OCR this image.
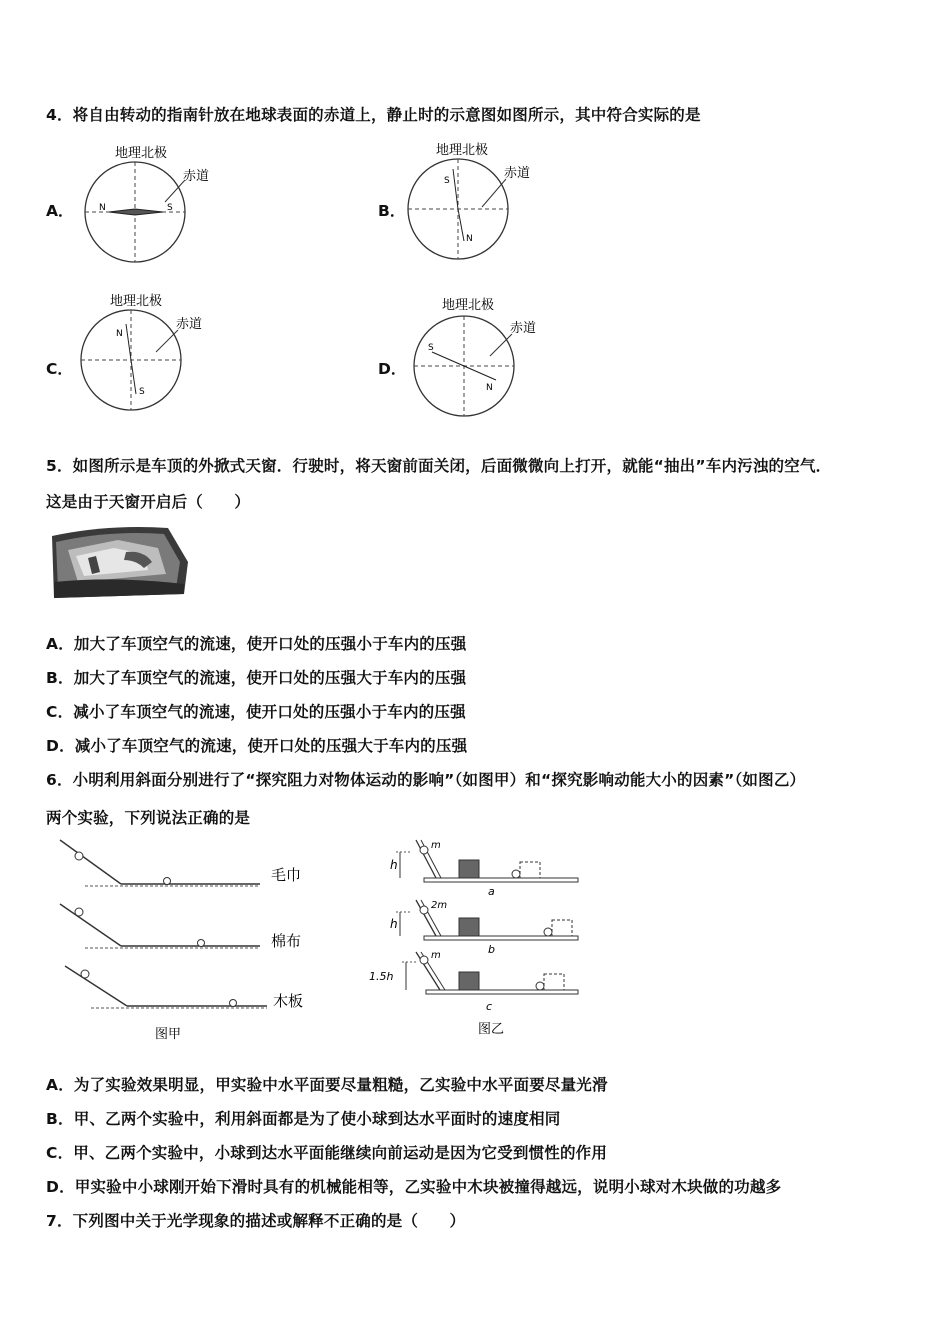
4．将自由转动的指南针放在地球表面的赤道上，静止时的示意图如图所示，其中符合实际的是
A．	B．
C．	D．
地理北极
赤道
N	S
地理北极
赤道
S
N
地理北极
赤道
N
S
地理北极
赤道
S
N
5．如图所示是车顶的外掀式天窗．行驶时，将天窗前面关闭，后面微微向上打开，就能“抽出”车内污浊的空气．
这是由于天窗开启后（　　）
A．加大了车顶空气的流速，使开口处的压强小于车内的压强
B．加大了车顶空气的流速，使开口处的压强大于车内的压强
C．减小了车顶空气的流速，使开口处的压强小于车内的压强
D．减小了车顶空气的流速，使开口处的压强大于车内的压强
6．小明利用斜面分别进行了“探究阻力对物体运动的影响”（如图甲）和“探究影响动能大小的因素”（如图乙）
两个实验，下列说法正确的是
毛巾
棉布
木板
图甲
m
h
a
2m
h
b
m
1.5h
c
图乙
A．为了实验效果明显，甲实验中水平面要尽量粗糙，乙实验中水平面要尽量光滑
B．甲、乙两个实验中，利用斜面都是为了使小球到达水平面时的速度相同
C．甲、乙两个实验中，小球到达水平面能继续向前运动是因为它受到惯性的作用
D．甲实验中小球刚开始下滑时具有的机械能相等，乙实验中木块被撞得越远，说明小球对木块做的功越多
7．下列图中关于光学现象的描述或解释不正确的是（　　）
